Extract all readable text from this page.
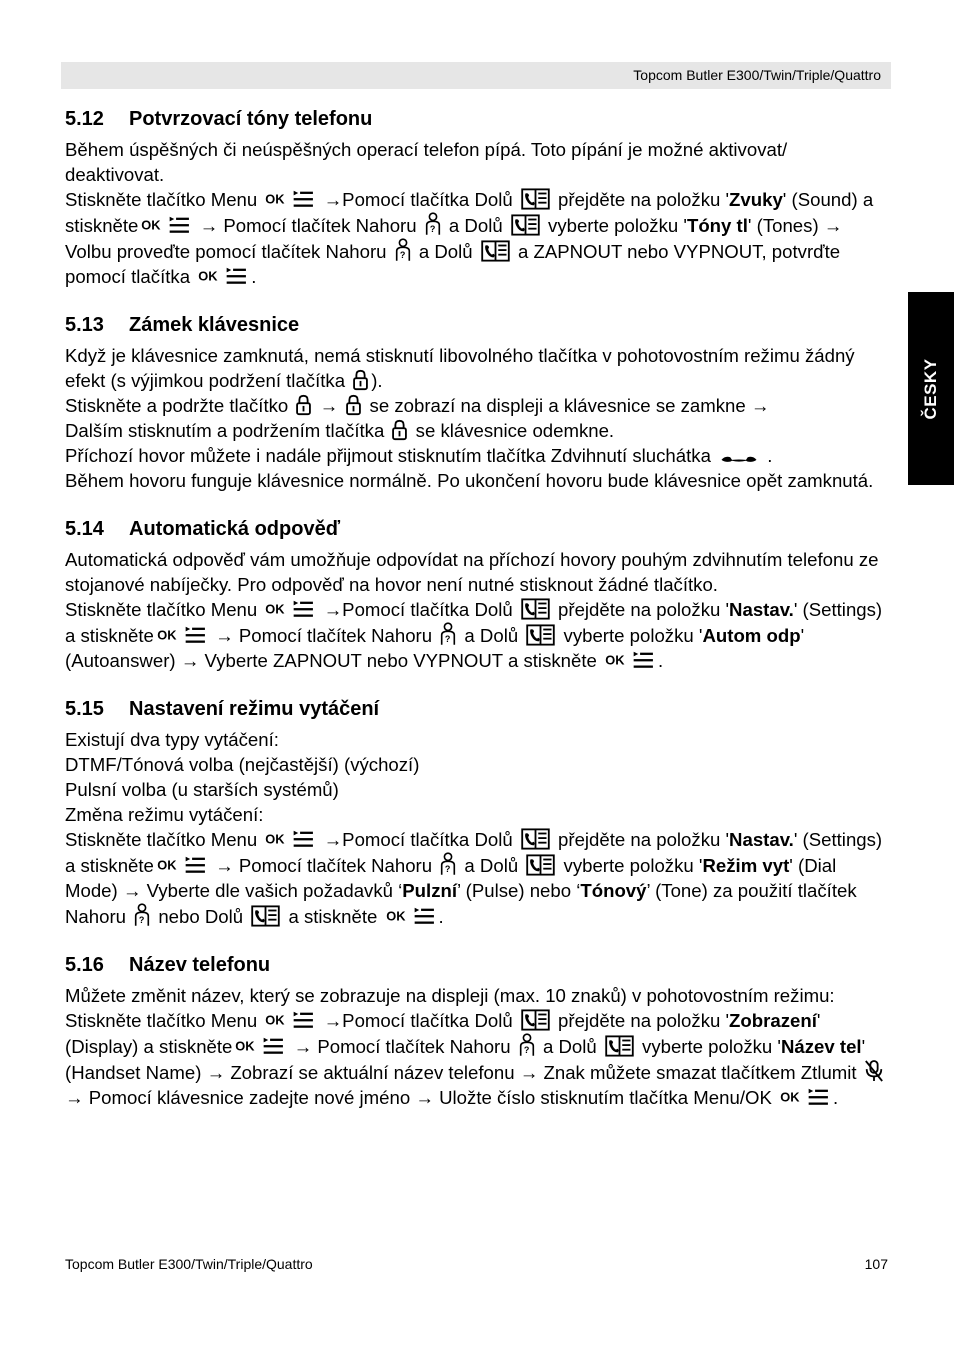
Topcom Butler E300/Twin/Triple/Quattro
ČESKY
5.12 Potvrzovací tóny telefonu

Během úspěšných či neúspěšných operací telefon pípá. Toto pípání je možné aktivovat/ deaktivovat.

Stiskněte tlačítko Menu	→Pomocí tlačítka Dolů přejděte na položku 'Zvuky' (Sound) a stiskněte	→ Pomocí tlačítek Nahoru a Dolů vyberte položku 'Tóny tl' (Tones) → Volbu proveďte pomocí tlačítek Nahoru a Dolů a ZAPNOUT nebo VYPNOUT, potvrďte pomocí tlačítka	.

5.13 Zámek klávesnice

Když je klávesnice zamknutá, nemá stisknutí libovolného tlačítka v pohotovostním režimu žádný efekt (s výjimkou podržení tlačítka ).

Stiskněte a podržte tlačítko → se zobrazí na displeji a klávesnice se zamkne →
Dalším stisknutím a podržením tlačítka se klávesnice odemkne.

Příchozí hovor můžete i nadále přijmout stisknutím tlačítka Zdvihnutí sluchátka	.

Během hovoru funguje klávesnice normálně. Po ukončení hovoru bude klávesnice opět zamknutá.

5.14 Automatická odpověď

Automatická odpověď vám umožňuje odpovídat na příchozí hovory pouhým zdvihnutím telefonu ze stojanové nabíječky. Pro odpověď na hovor není nutné stisknout žádné tlačítko.

Stiskněte tlačítko Menu	→Pomocí tlačítka Dolů přejděte na položku 'Nastav.' (Settings) a stiskněte	→ Pomocí tlačítek Nahoru a Dolů vyberte položku 'Autom odp' (Autoanswer) → Vyberte ZAPNOUT nebo VYPNOUT a stiskněte	.

5.15 Nastavení režimu vytáčení

Existují dva typy vytáčení:

DTMF/Tónová volba (nejčastější) (výchozí)

Pulsní volba (u starších systémů)

Změna režimu vytáčení:

Stiskněte tlačítko Menu	→Pomocí tlačítka Dolů přejděte na položku 'Nastav.' (Settings) a stiskněte	→ Pomocí tlačítek Nahoru a Dolů vyberte položku 'Režim vyt' (Dial Mode) → Vyberte dle vašich požadavků ‘Pulzní’ (Pulse) nebo ‘Tónový’ (Tone) za použití tlačítek Nahoru nebo Dolů a stiskněte	.

5.16 Název telefonu

Můžete změnit název, který se zobrazuje na displeji (max. 10 znaků) v pohotovostním režimu:

Stiskněte tlačítko Menu	→Pomocí tlačítka Dolů přejděte na položku 'Zobrazení' (Display) a stiskněte	→ Pomocí tlačítek Nahoru a Dolů vyberte položku 'Název tel' (Handset Name) → Zobrazí se aktuální název telefonu → Znak můžete smazat tlačítkem Ztlumit
→ Pomocí klávesnice zadejte nové jméno → Uložte číslo stisknutím tlačítka Menu/OK	.

Topcom Butler E300/Twin/Triple/Quattro	107
